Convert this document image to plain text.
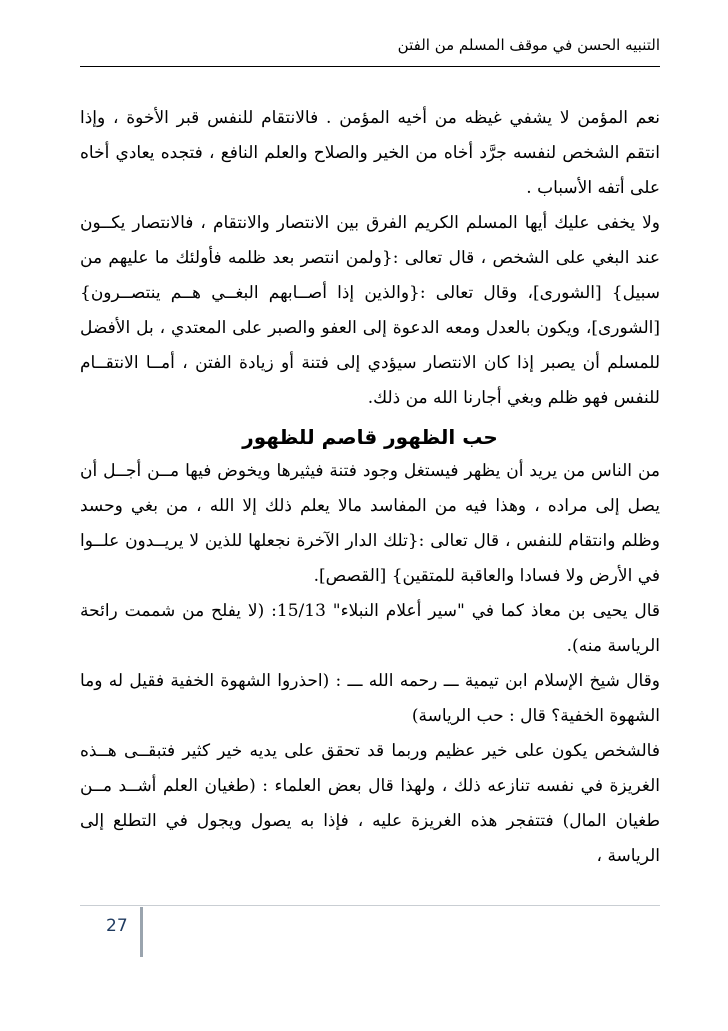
التنبيه الحسن في موقف المسلم من الفتن

نعم المؤمن لا يشفي غيظه من أخيه المؤمن . فالانتقام للنفس قبر الأخوة ، وإذا انتقم الشخص لنفسه جرَّد أخاه من الخير والصلاح والعلم النافع ، فتجده يعادي أخاه على أتفه الأسباب .

ولا يخفى عليك أيها المسلم الكريم الفرق بين الانتصار والانتقام ، فالانتصار يكــون عند البغي على الشخص ، قال تعالى :{ولمن انتصر بعد ظلمه فأولئك ما عليهم من سبيل} [الشورى]، وقال تعالى :{والذين إذا أصــابهم البغــي هــم ينتصــرون} [الشورى]، ويكون بالعدل ومعه الدعوة إلى العفو والصبر على المعتدي ، بل الأفضل للمسلم أن يصبر إذا كان الانتصار سيؤدي إلى فتنة أو زيادة الفتن ، أمــا الانتقــام للنفس فهو ظلم وبغي أجارنا الله من ذلك.

حب الظهور قاصم للظهور

من الناس من يريد أن يظهر فيستغل وجود فتنة فيثيرها ويخوض فيها مــن أجــل أن يصل إلى مراده ، وهذا فيه من المفاسد مالا يعلم ذلك إلا الله ، من بغي وحسد وظلم وانتقام للنفس ، قال تعالى :{تلك الدار الآخرة نجعلها للذين لا يريــدون علــوا في الأرض ولا فسادا والعاقبة للمتقين} [القصص].

قال يحيى بن معاذ كما في "سير أعلام النبلاء" 15/13: (لا يفلح من شممت رائحة الرياسة منه).

وقال شيخ الإسلام ابن تيمية ـــ رحمه الله ـــ : (احذروا الشهوة الخفية فقيل له وما الشهوة الخفية؟ قال : حب الرياسة)

فالشخص يكون على خير عظيم وربما قد تحقق على يديه خير كثير فتبقــى هــذه الغريزة في نفسه تنازعه ذلك ، ولهذا قال بعض العلماء : (طغيان العلم أشــد مــن طغيان المال) فتتفجر هذه الغريزة عليه ، فإذا به يصول ويجول في التطلع إلى الرياسة ،

27
